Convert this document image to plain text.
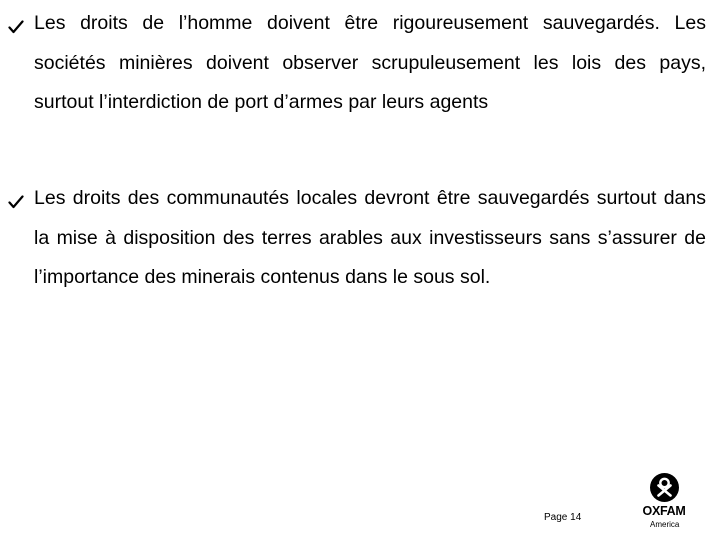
Les droits de l’homme doivent être rigoureusement sauvegardés. Les sociétés minières doivent observer scrupuleusement les lois des pays, surtout l’interdiction de port d’armes par leurs agents

Les droits des communautés locales devront être sauvegardés surtout dans la mise à disposition des terres arables aux investisseurs sans s’assurer de l’importance des minerais contenus dans le sous sol.

Page 14	OXFAM
America
